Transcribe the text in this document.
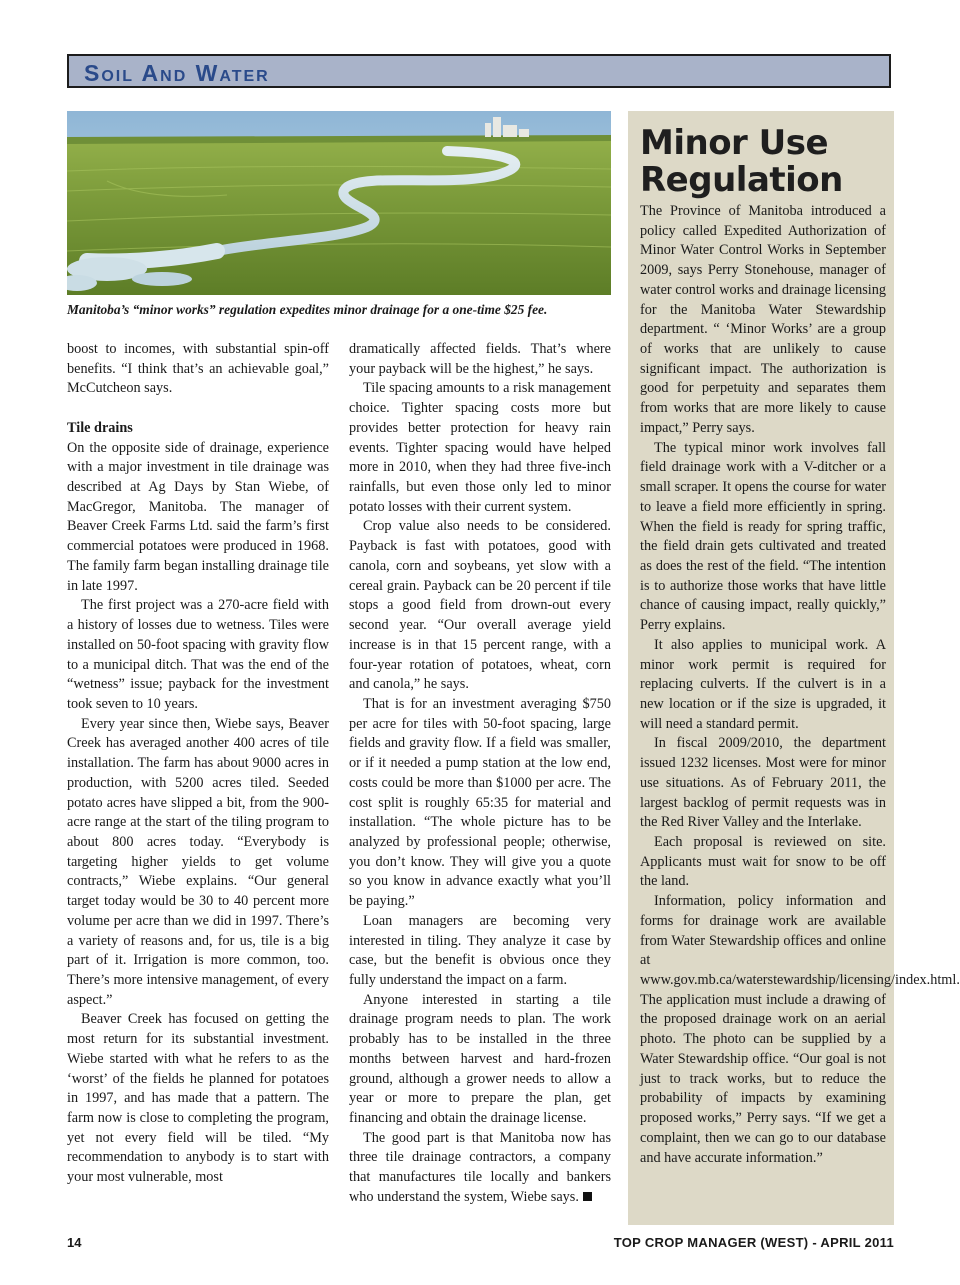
Soil And Water
Manitoba’s “minor works” regulation expedites minor drainage for a one-time $25 fee.

boost to incomes, with substantial spin-off benefits. “I think that’s an achievable goal,” McCutcheon says.

Tile drains

On the opposite side of drainage, experience with a major investment in tile drainage was described at Ag Days by Stan Wiebe, of MacGregor, Manitoba. The manager of Beaver Creek Farms Ltd. said the farm’s first commercial potatoes were produced in 1968. The family farm began installing drainage tile in late 1997.

The first project was a 270-acre field with a history of losses due to wetness. Tiles were installed on 50-foot spacing with gravity flow to a municipal ditch. That was the end of the “wetness” issue; payback for the investment took seven to 10 years.

Every year since then, Wiebe says, Beaver Creek has averaged another 400 acres of tile installation. The farm has about 9000 acres in production, with 5200 acres tiled. Seeded potato acres have slipped a bit, from the 900-acre range at the start of the tiling program to about 800 acres today. “Everybody is targeting higher yields to get volume contracts,” Wiebe explains. “Our general target today would be 30 to 40 percent more volume per acre than we did in 1997. There’s a variety of reasons and, for us, tile is a big part of it. Irrigation is more common, too. There’s more intensive management, of every aspect.”

Beaver Creek has focused on getting the most return for its substantial investment. Wiebe started with what he refers to as the ‘worst’ of the fields he planned for potatoes in 1997, and has made that a pattern. The farm now is close to completing the program, yet not every field will be tiled. “My recommendation to anybody is to start with your most vulnerable, most

dramatically affected fields. That’s where your payback will be the highest,” he says.

Tile spacing amounts to a risk management choice. Tighter spacing costs more but provides better protection for heavy rain events. Tighter spacing would have helped more in 2010, when they had three five-inch rainfalls, but even those only led to minor potato losses with their current system.

Crop value also needs to be considered. Payback is fast with potatoes, good with canola, corn and soybeans, yet slow with a cereal grain. Payback can be 20 percent if tile stops a good field from drown-out every second year. “Our overall average yield increase is in that 15 percent range, with a four-year rotation of potatoes, wheat, corn and canola,” he says.

That is for an investment averaging $750 per acre for tiles with 50-foot spacing, large fields and gravity flow. If a field was smaller, or if it needed a pump station at the low end, costs could be more than $1000 per acre. The cost split is roughly 65:35 for material and installation. “The whole picture has to be analyzed by professional people; otherwise, you don’t know. They will give you a quote so you know in advance exactly what you’ll be paying.”

Loan managers are becoming very interested in tiling. They analyze it case by case, but the benefit is obvious once they fully understand the impact on a farm.

Anyone interested in starting a tile drainage program needs to plan. The work probably has to be installed in the three months between harvest and hard-frozen ground, although a grower needs to allow a year or more to prepare the plan, get financing and obtain the drainage license.

The good part is that Manitoba now has three tile drainage contractors, a company that manufactures tile locally and bankers who understand the system, Wiebe says.

Minor Use
Regulation

The Province of Manitoba introduced a policy called Expedited Authorization of Minor Water Control Works in September 2009, says Perry Stonehouse, manager of water control works and drainage licensing for the Manitoba Water Stewardship department. “ ‘Minor Works’ are a group of works that are unlikely to cause significant impact. The authorization is good for perpetuity and separates them from works that are more likely to cause impact,” Perry says.

The typical minor work involves fall field drainage work with a V-ditcher or a small scraper. It opens the course for water to leave a field more efficiently in spring. When the field is ready for spring traffic, the field drain gets cultivated and treated as does the rest of the field. “The intention is to authorize those works that have little chance of causing impact, really quickly,” Perry explains.

It also applies to municipal work. A minor work permit is required for replacing culverts. If the culvert is in a new location or if the size is upgraded, it will need a standard permit.

In fiscal 2009/2010, the department issued 1232 licenses. Most were for minor use situations. As of February 2011, the largest backlog of permit requests was in the Red River Valley and the Interlake.

Each proposal is reviewed on site. Applicants must wait for snow to be off the land.

Information, policy information and forms for drainage work are available from Water Stewardship offices and online at www.gov.mb.ca/waterstewardship/licensing/index.html. The application must include a drawing of the proposed drainage work on an aerial photo. The photo can be supplied by a Water Stewardship office. “Our goal is not just to track works, but to reduce the probability of impacts by examining proposed works,” Perry says. “If we get a complaint, then we can go to our database and have accurate information.”

14	TOP CROP MANAGER (WEST) - APRIL 2011
